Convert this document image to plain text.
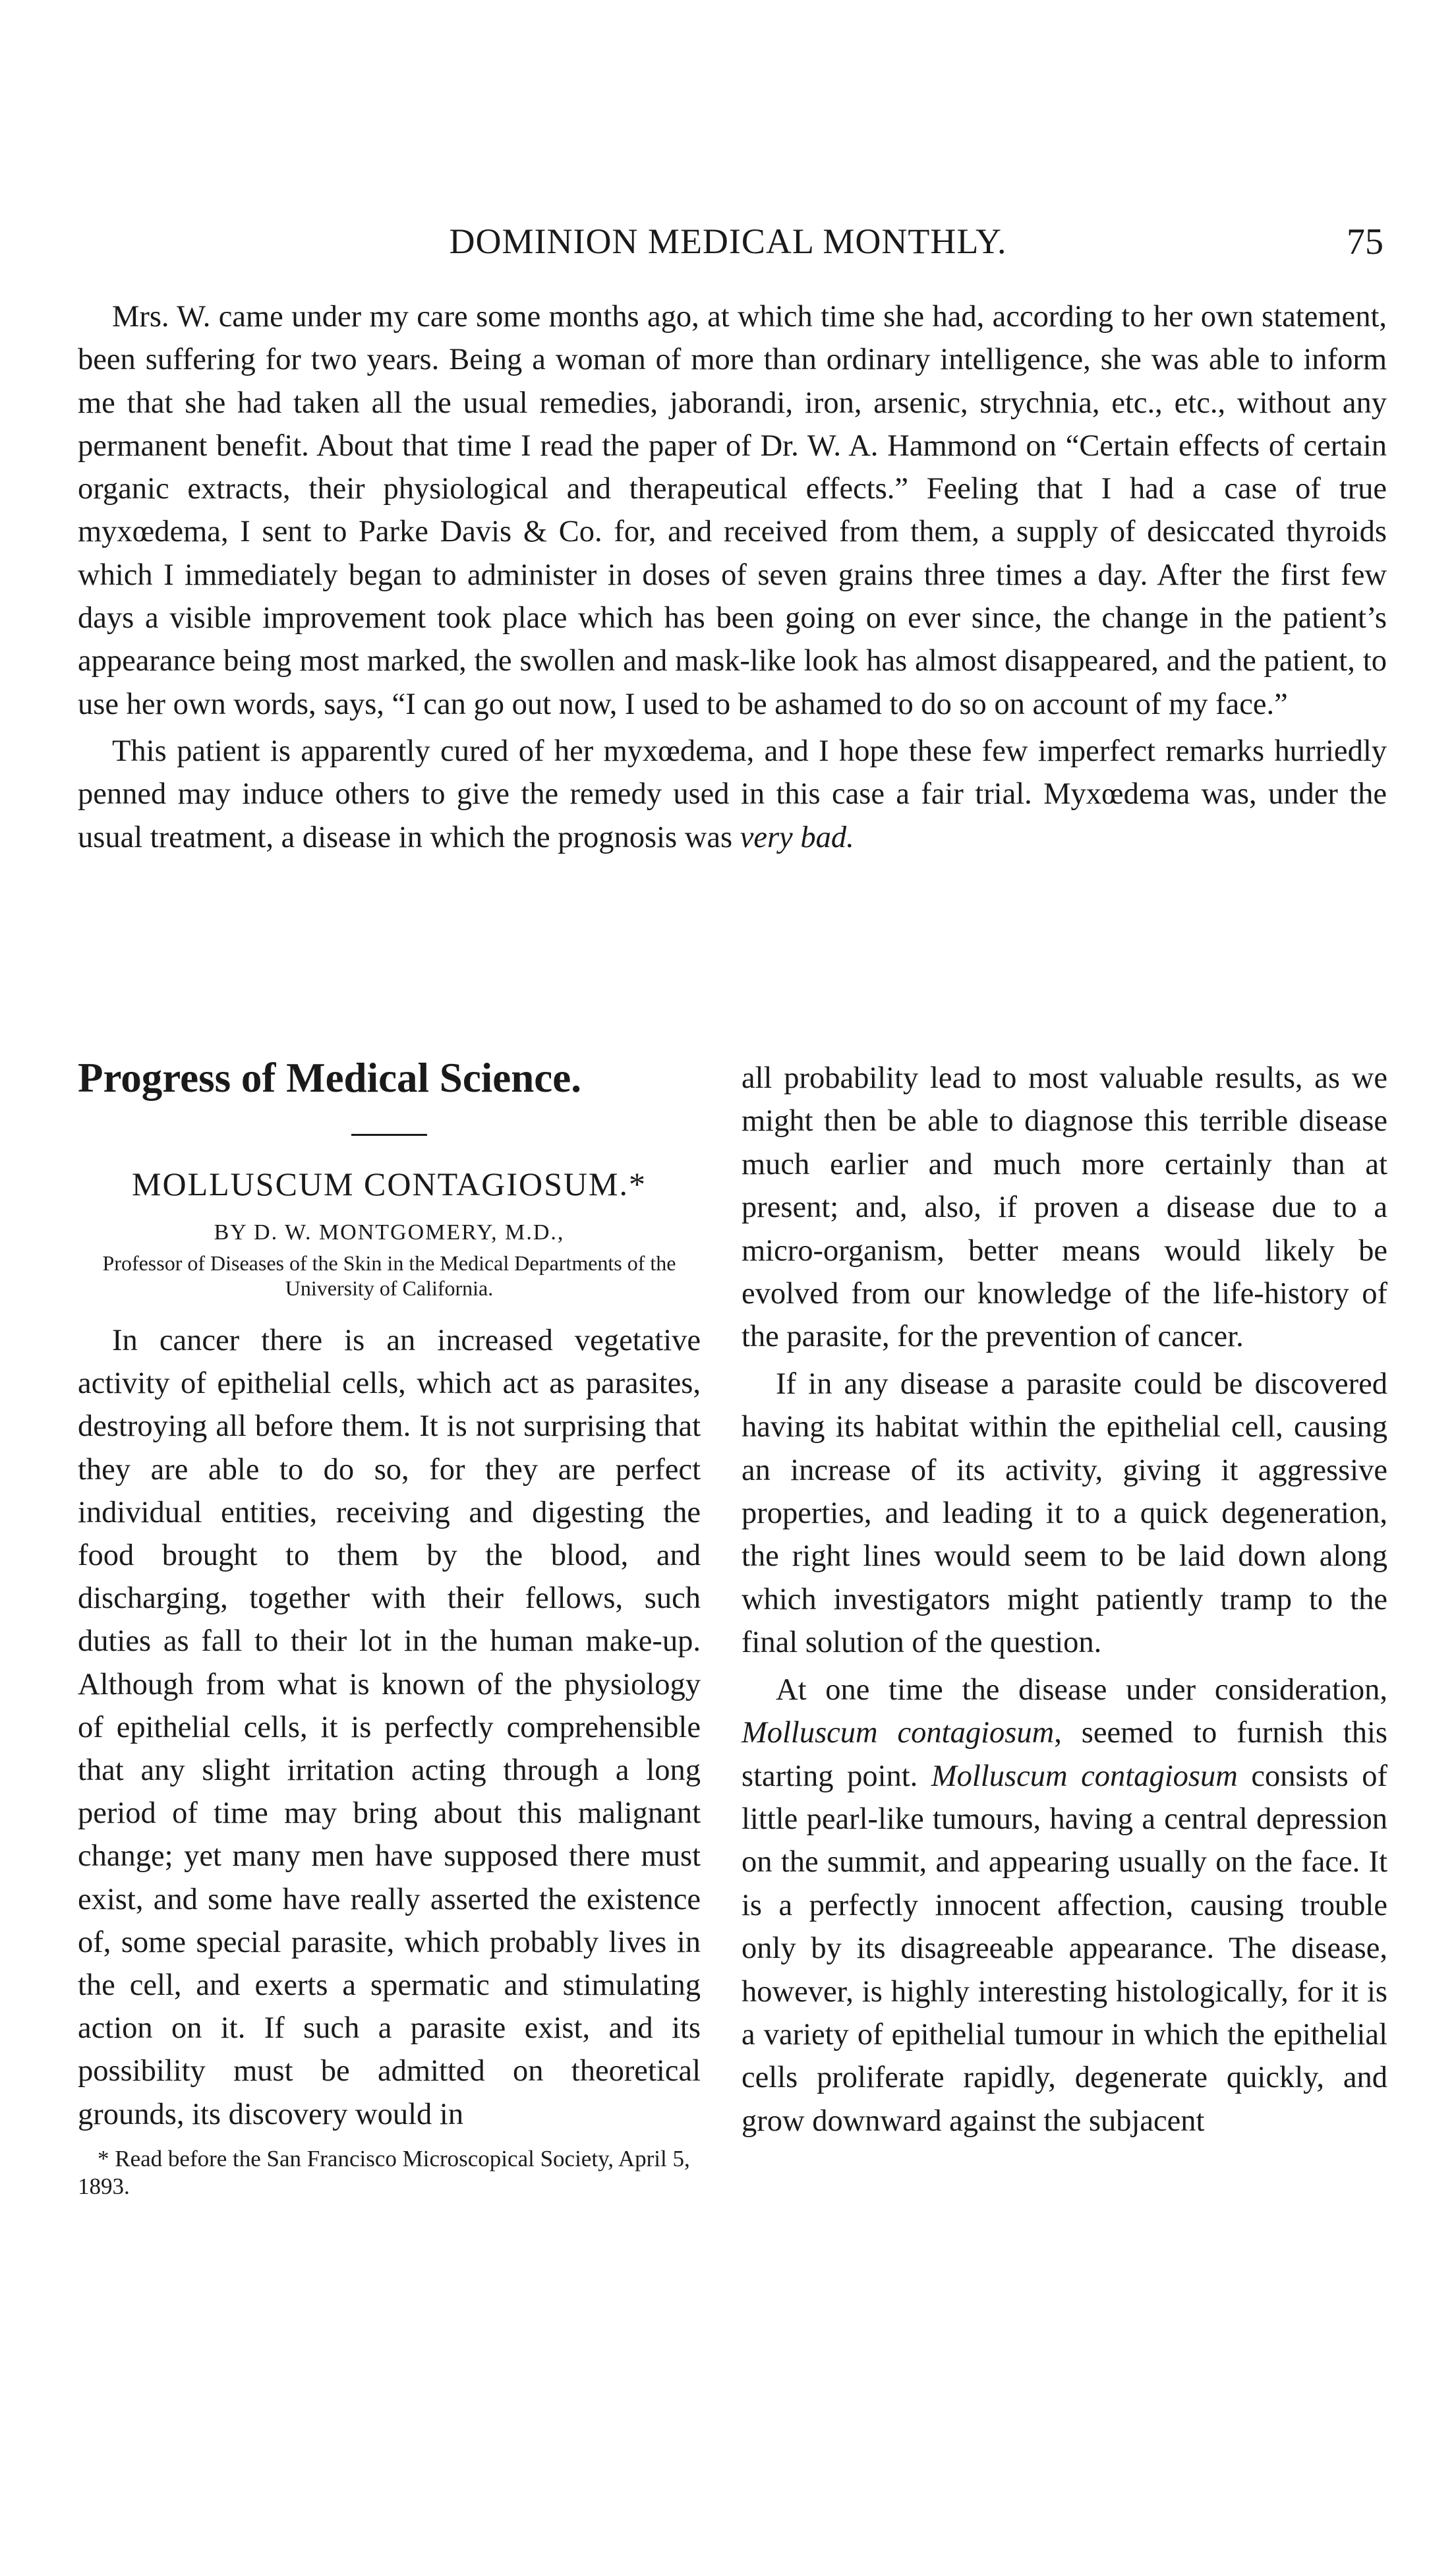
DOMINION MEDICAL MONTHLY.	75

Mrs. W. came under my care some months ago, at which time she had, according to her own statement, been suffering for two years. Being a woman of more than ordinary intelligence, she was able to inform me that she had taken all the usual remedies, jaborandi, iron, arsenic, strychnia, etc., etc., without any permanent benefit. About that time I read the paper of Dr. W. A. Hammond on “Certain effects of certain organic extracts, their physiological and therapeutical effects.” Feeling that I had a case of true myxœdema, I sent to Parke Davis & Co. for, and received from them, a supply of desiccated thyroids which I immediately began to administer in doses of seven grains three times a day. After the first few days a visible improvement took place which has been going on ever since, the change in the patient’s appearance being most marked, the swollen and mask-like look has almost disappeared, and the patient, to use her own words, says, “I can go out now, I used to be ashamed to do so on account of my face.”

This patient is apparently cured of her myxœdema, and I hope these few imperfect remarks hurriedly penned may induce others to give the remedy used in this case a fair trial. Myxœdema was, under the usual treatment, a disease in which the prognosis was very bad.

Progress of Medical Science.
MOLLUSCUM CONTAGIOSUM.*
BY D. W. MONTGOMERY, M.D.,
Professor of Diseases of the Skin in the Medical Departments of the University of California.

In cancer there is an increased vegetative activity of epithelial cells, which act as parasites, destroying all before them. It is not surprising that they are able to do so, for they are perfect individual entities, receiving and digesting the food brought to them by the blood, and discharging, together with their fellows, such duties as fall to their lot in the human make-up. Although from what is known of the physiology of epithelial cells, it is perfectly comprehensible that any slight irritation acting through a long period of time may bring about this malignant change; yet many men have supposed there must exist, and some have really asserted the existence of, some special parasite, which probably lives in the cell, and exerts a spermatic and stimulating action on it. If such a parasite exist, and its possibility must be admitted on theoretical grounds, its discovery would in

* Read before the San Francisco Microscopical Society, April 5, 1893.

all probability lead to most valuable results, as we might then be able to diagnose this terrible disease much earlier and much more certainly than at present; and, also, if proven a disease due to a micro-organism, better means would likely be evolved from our knowledge of the life-history of the parasite, for the prevention of cancer.

If in any disease a parasite could be discovered having its habitat within the epithelial cell, causing an increase of its activity, giving it aggressive properties, and leading it to a quick degeneration, the right lines would seem to be laid down along which investigators might patiently tramp to the final solution of the question.

At one time the disease under consideration, Molluscum contagiosum, seemed to furnish this starting point. Molluscum contagiosum consists of little pearl-like tumours, having a central depression on the summit, and appearing usually on the face. It is a perfectly innocent affection, causing trouble only by its disagreeable appearance. The disease, however, is highly interesting histologically, for it is a variety of epithelial tumour in which the epithelial cells proliferate rapidly, degenerate quickly, and grow downward against the subjacent
